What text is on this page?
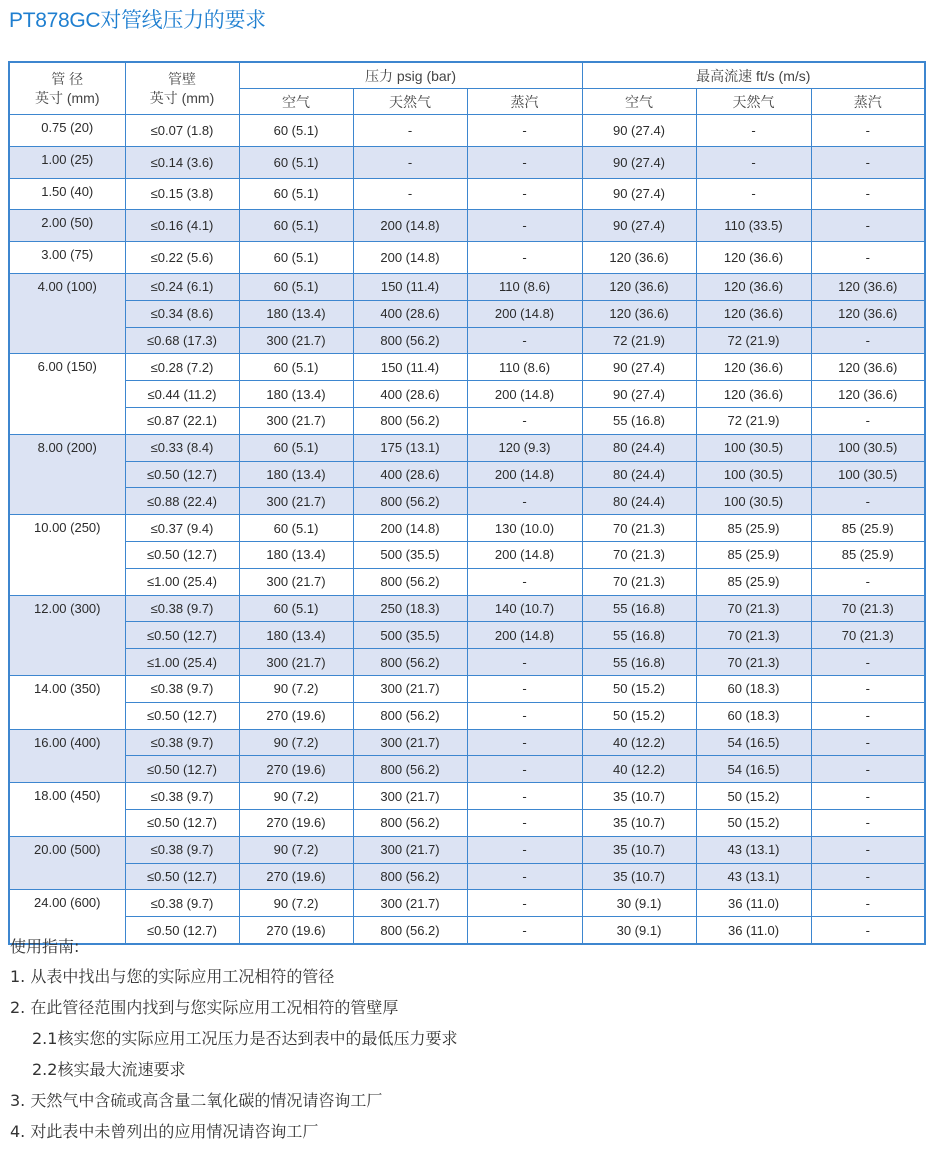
PT878GC对管线压力的要求
管 径
英寸 (mm)

管壁
英寸 (mm)
	压力 psig (bar)	最高流速 ft/s (m/s)
		空气	天然气	蒸汽	空气	天然气	蒸汽
0.75 (20)	≤0.07 (1.8)	60 (5.1)	-	-	90 (27.4)	-	-
1.00 (25)	≤0.14 (3.6)	60 (5.1)	-	-	90 (27.4)	-	-
1.50 (40)	≤0.15 (3.8)	60 (5.1)	-	-	90 (27.4)	-	-
2.00 (50)	≤0.16 (4.1)	60 (5.1)	200 (14.8)	-	90 (27.4)	110 (33.5)	-
3.00 (75)	≤0.22 (5.6)	60 (5.1)	200 (14.8)	-	120 (36.6)	120 (36.6)	-
4.00 (100)	≤0.24 (6.1)	60 (5.1)	150 (11.4)	110 (8.6)	120 (36.6)	120 (36.6)	120 (36.6)
	≤0.34 (8.6)	180 (13.4)	400 (28.6)	200 (14.8)	120 (36.6)	120 (36.6)	120 (36.6)
	≤0.68 (17.3)	300 (21.7)	800 (56.2)	-	72 (21.9)	72 (21.9)	-
6.00 (150)	≤0.28 (7.2)	60 (5.1)	150 (11.4)	110 (8.6)	90 (27.4)	120 (36.6)	120 (36.6)
	≤0.44 (11.2)	180 (13.4)	400 (28.6)	200 (14.8)	90 (27.4)	120 (36.6)	120 (36.6)
	≤0.87 (22.1)	300 (21.7)	800 (56.2)	-	55 (16.8)	72 (21.9)	-
8.00 (200)	≤0.33 (8.4)	60 (5.1)	175 (13.1)	120 (9.3)	80 (24.4)	100 (30.5)	100 (30.5)
	≤0.50 (12.7)	180 (13.4)	400 (28.6)	200 (14.8)	80 (24.4)	100 (30.5)	100 (30.5)
	≤0.88 (22.4)	300 (21.7)	800 (56.2)	-	80 (24.4)	100 (30.5)	-
10.00 (250)	≤0.37 (9.4)	60 (5.1)	200 (14.8)	130 (10.0)	70 (21.3)	85 (25.9)	85 (25.9)
	≤0.50 (12.7)	180 (13.4)	500 (35.5)	200 (14.8)	70 (21.3)	85 (25.9)	85 (25.9)
	≤1.00 (25.4)	300 (21.7)	800 (56.2)	-	70 (21.3)	85 (25.9)	-
12.00 (300)	≤0.38 (9.7)	60 (5.1)	250 (18.3)	140 (10.7)	55 (16.8)	70 (21.3)	70 (21.3)
	≤0.50 (12.7)	180 (13.4)	500 (35.5)	200 (14.8)	55 (16.8)	70 (21.3)	70 (21.3)
	≤1.00 (25.4)	300 (21.7)	800 (56.2)	-	55 (16.8)	70 (21.3)	-
14.00 (350)	≤0.38 (9.7)	90 (7.2)	300 (21.7)	-	50 (15.2)	60 (18.3)	-
	≤0.50 (12.7)	270 (19.6)	800 (56.2)	-	50 (15.2)	60 (18.3)	-
16.00 (400)	≤0.38 (9.7)	90 (7.2)	300 (21.7)	-	40 (12.2)	54 (16.5)	-
	≤0.50 (12.7)	270 (19.6)	800 (56.2)	-	40 (12.2)	54 (16.5)	-
18.00 (450)	≤0.38 (9.7)	90 (7.2)	300 (21.7)	-	35 (10.7)	50 (15.2)	-
	≤0.50 (12.7)	270 (19.6)	800 (56.2)	-	35 (10.7)	50 (15.2)	-
20.00 (500)	≤0.38 (9.7)	90 (7.2)	300 (21.7)	-	35 (10.7)	43 (13.1)	-
	≤0.50 (12.7)	270 (19.6)	800 (56.2)	-	35 (10.7)	43 (13.1)	-
24.00 (600)	≤0.38 (9.7)	90 (7.2)	300 (21.7)	-	30 (9.1)	36 (11.0)	-
	≤0.50 (12.7)	270 (19.6)	800 (56.2)	-	30 (9.1)	36 (11.0)	-
使用指南:
1. 从表中找出与您的实际应用工况相符的管径
2. 在此管径范围内找到与您实际应用工况相符的管壁厚
2.1核实您的实际应用工况压力是否达到表中的最低压力要求
2.2核实最大流速要求
3. 天然气中含硫或高含量二氧化碳的情况请咨询工厂
4. 对此表中未曾列出的应用情况请咨询工厂
